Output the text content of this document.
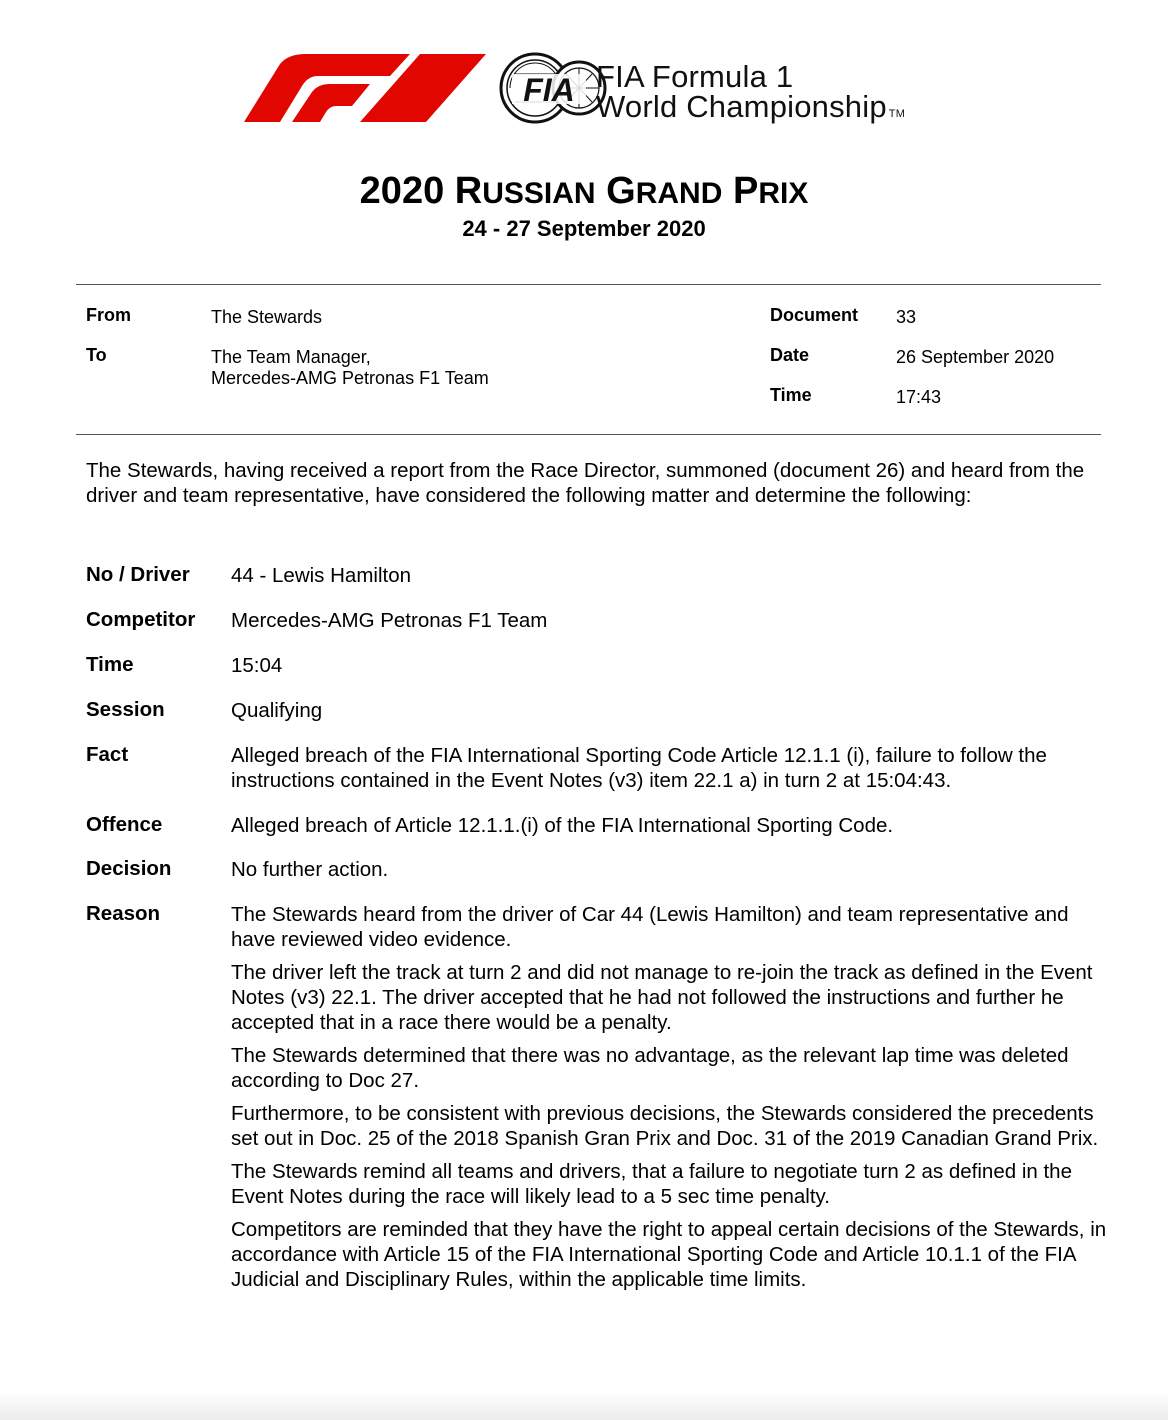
FIA FIA Formula 1
World Championship TM
2020 RUSSIAN GRAND PRIX
24 - 27 September 2020
From	The Stewards
To	The Team Manager,
Mercedes-AMG Petronas F1 Team
Document 33
Date	26 September 2020
Time	17:43
The Stewards, having received a report from the Race Director, summoned (document 26) and heard from the driver and team representative, have considered the following matter and determine the following:
No / Driver 44 - Lewis Hamilton
Competitor Mercedes-AMG Petronas F1 Team
Time	15:04
Session	Qualifying
Fact	Alleged breach of the FIA International Sporting Code Article 12.1.1 (i), failure to follow the instructions contained in the Event Notes (v3) item 22.1 a) in turn 2 at 15:04:43.
Offence	Alleged breach of Article 12.1.1.(i) of the FIA International Sporting Code.
Decision	No further action.
Reason	The Stewards heard from the driver of Car 44 (Lewis Hamilton) and team representative and have reviewed video evidence.

The driver left the track at turn 2 and did not manage to re-join the track as defined in the Event Notes (v3) 22.1. The driver accepted that he had not followed the instructions and further he accepted that in a race there would be a penalty.

The Stewards determined that there was no advantage, as the relevant lap time was deleted according to Doc 27.

Furthermore, to be consistent with previous decisions, the Stewards considered the precedents set out in Doc. 25 of the 2018 Spanish Gran Prix and Doc. 31 of the 2019 Canadian Grand Prix.

The Stewards remind all teams and drivers, that a failure to negotiate turn 2 as defined in the Event Notes during the race will likely lead to a 5 sec time penalty.

Competitors are reminded that they have the right to appeal certain decisions of the Stewards, in accordance with Article 15 of the FIA International Sporting Code and Article 10.1.1 of the FIA Judicial and Disciplinary Rules, within the applicable time limits.
